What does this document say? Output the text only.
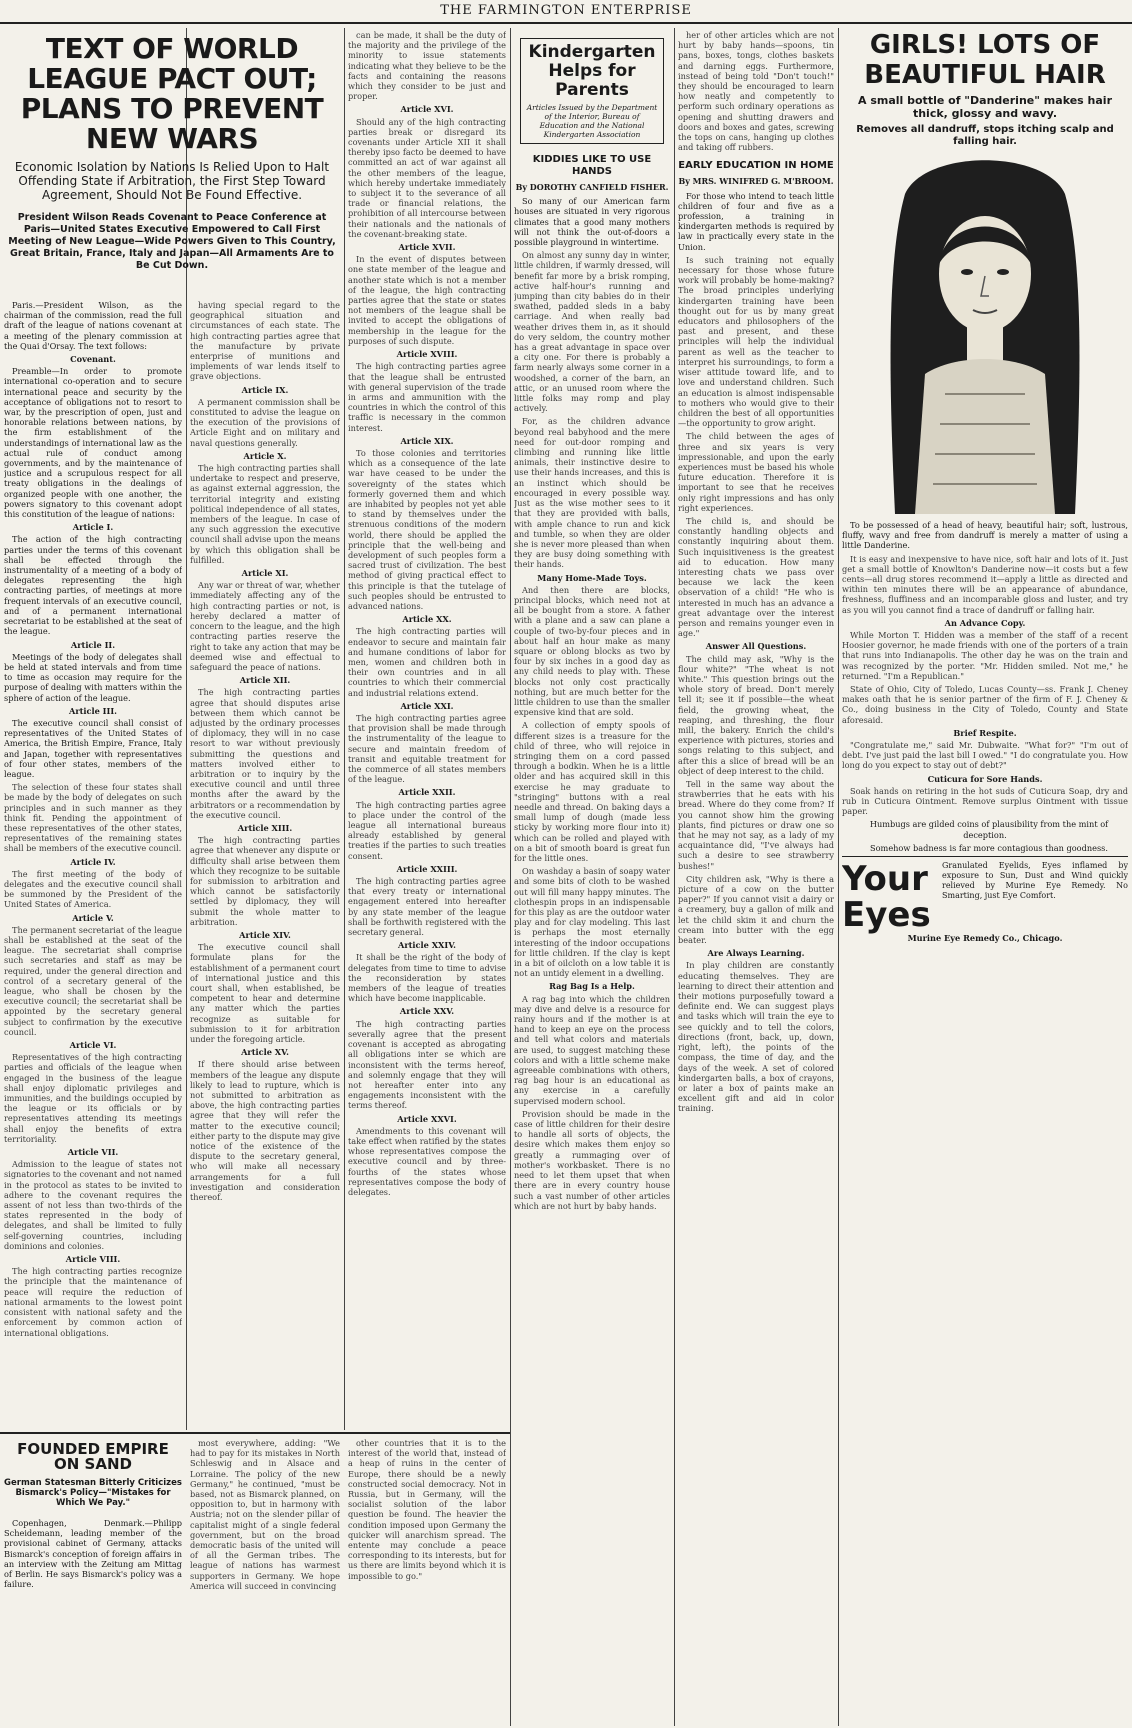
THE FARMINGTON ENTERPRISE
TEXT OF WORLD LEAGUE PACT OUT; PLANS TO PREVENT NEW WARS
Economic Isolation by Nations Is Relied Upon to Halt Offending State if Arbitration, the First Step Toward Agreement, Should Not Be Found Effective.
President Wilson Reads Covenant to Peace Conference at Paris—United States Executive Empowered to Call First Meeting of New League—Wide Powers Given to This Country, Great Britain, France, Italy and Japan—All Armaments Are to Be Cut Down.

Paris.—President Wilson, as the chairman of the commission, read the full draft of the league of nations covenant at a meeting of the plenary commission at the Quai d'Orsay. The text follows:

Covenant.

Preamble—In order to promote international co-operation and to secure international peace and security by the acceptance of obligations not to resort to war, by the prescription of open, just and honorable relations between nations, by the firm establishment of the understandings of international law as the actual rule of conduct among governments, and by the maintenance of justice and a scrupulous respect for all treaty obligations in the dealings of organized people with one another, the powers signatory to this covenant adopt this constitution of the league of nations:

Article I.

The action of the high contracting parties under the terms of this covenant shall be effected through the instrumentality of a meeting of a body of delegates representing the high contracting parties, of meetings at more frequent intervals of an executive council, and of a permanent international secretariat to be established at the seat of the league.

Article II.

Meetings of the body of delegates shall be held at stated intervals and from time to time as occasion may require for the purpose of dealing with matters within the sphere of action of the league.

Article III.

The executive council shall consist of representatives of the United States of America, the British Empire, France, Italy and Japan, together with representatives of four other states, members of the league.

The selection of these four states shall be made by the body of delegates on such principles and in such manner as they think fit. Pending the appointment of these representatives of the other states, representatives of the remaining states shall be members of the executive council.

Article IV.

The first meeting of the body of delegates and the executive council shall be summoned by the President of the United States of America.

Article V.

The permanent secretariat of the league shall be established at the seat of the league. The secretariat shall comprise such secretaries and staff as may be required, under the general direction and control of a secretary general of the league, who shall be chosen by the executive council; the secretariat shall be appointed by the secretary general subject to confirmation by the executive council.

Article VI.

Representatives of the high contracting parties and officials of the league when engaged in the business of the league shall enjoy diplomatic privileges and immunities, and the buildings occupied by the league or its officials or by representatives attending its meetings shall enjoy the benefits of extra territoriality.

Article VII.

Admission to the league of states not signatories to the covenant and not named in the protocol as states to be invited to adhere to the covenant requires the assent of not less than two-thirds of the states represented in the body of delegates, and shall be limited to fully self-governing countries, including dominions and colonies.

Article VIII.

The high contracting parties recognize the principle that the maintenance of peace will require the reduction of national armaments to the lowest point consistent with national safety and the enforcement by common action of international obligations.

having special regard to the geographical situation and circumstances of each state. The high contracting parties agree that the manufacture by private enterprise of munitions and implements of war lends itself to grave objections.

Article IX.

A permanent commission shall be constituted to advise the league on the execution of the provisions of Article Eight and on military and naval questions generally.

Article X.

The high contracting parties shall undertake to respect and preserve, as against external aggression, the territorial integrity and existing political independence of all states, members of the league. In case of any such aggression the executive council shall advise upon the means by which this obligation shall be fulfilled.

Article XI.

Any war or threat of war, whether immediately affecting any of the high contracting parties or not, is hereby declared a matter of concern to the league, and the high contracting parties reserve the right to take any action that may be deemed wise and effectual to safeguard the peace of nations.

Article XII.

The high contracting parties agree that should disputes arise between them which cannot be adjusted by the ordinary processes of diplomacy, they will in no case resort to war without previously submitting the questions and matters involved either to arbitration or to inquiry by the executive council and until three months after the award by the arbitrators or a recommendation by the executive council.

Article XIII.

The high contracting parties agree that whenever any dispute or difficulty shall arise between them which they recognize to be suitable for submission to arbitration and which cannot be satisfactorily settled by diplomacy, they will submit the whole matter to arbitration.

Article XIV.

The executive council shall formulate plans for the establishment of a permanent court of international justice and this court shall, when established, be competent to hear and determine any matter which the parties recognize as suitable for submission to it for arbitration under the foregoing article.

Article XV.

If there should arise between members of the league any dispute likely to lead to rupture, which is not submitted to arbitration as above, the high contracting parties agree that they will refer the matter to the executive council; either party to the dispute may give notice of the existence of the dispute to the secretary general, who will make all necessary arrangements for a full investigation and consideration thereof.

can be made, it shall be the duty of the majority and the privilege of the minority to issue statements indicating what they believe to be the facts and containing the reasons which they consider to be just and proper.

Article XVI.

Should any of the high contracting parties break or disregard its covenants under Article XII it shall thereby ipso facto be deemed to have committed an act of war against all the other members of the league, which hereby undertake immediately to subject it to the severance of all trade or financial relations, the prohibition of all intercourse between their nationals and the nationals of the covenant-breaking state.

Article XVII.

In the event of disputes between one state member of the league and another state which is not a member of the league, the high contracting parties agree that the state or states not members of the league shall be invited to accept the obligations of membership in the league for the purposes of such dispute.

Article XVIII.

The high contracting parties agree that the league shall be entrusted with general supervision of the trade in arms and ammunition with the countries in which the control of this traffic is necessary in the common interest.

Article XIX.

To those colonies and territories which as a consequence of the late war have ceased to be under the sovereignty of the states which formerly governed them and which are inhabited by peoples not yet able to stand by themselves under the strenuous conditions of the modern world, there should be applied the principle that the well-being and development of such peoples form a sacred trust of civilization. The best method of giving practical effect to this principle is that the tutelage of such peoples should be entrusted to advanced nations.

Article XX.

The high contracting parties will endeavor to secure and maintain fair and humane conditions of labor for men, women and children both in their own countries and in all countries to which their commercial and industrial relations extend.

Article XXI.

The high contracting parties agree that provision shall be made through the instrumentality of the league to secure and maintain freedom of transit and equitable treatment for the commerce of all states members of the league.

Article XXII.

The high contracting parties agree to place under the control of the league all international bureaus already established by general treaties if the parties to such treaties consent.

Article XXIII.

The high contracting parties agree that every treaty or international engagement entered into hereafter by any state member of the league shall be forthwith registered with the secretary general.

Article XXIV.

It shall be the right of the body of delegates from time to time to advise the reconsideration by states members of the league of treaties which have become inapplicable.

Article XXV.

The high contracting parties severally agree that the present covenant is accepted as abrogating all obligations inter se which are inconsistent with the terms hereof, and solemnly engage that they will not hereafter enter into any engagements inconsistent with the terms thereof.

Article XXVI.

Amendments to this covenant will take effect when ratified by the states whose representatives compose the executive council and by three-fourths of the states whose representatives compose the body of delegates.

FOUNDED EMPIRE ON SAND
German Statesman Bitterly Criticizes Bismarck's Policy—"Mistakes for Which We Pay."

Copenhagen, Denmark.—Philipp Scheidemann, leading member of the provisional cabinet of Germany, attacks Bismarck's conception of foreign affairs in an interview with the Zeitung am Mittag of Berlin. He says Bismarck's policy was a failure.

most everywhere, adding: "We had to pay for its mistakes in North Schleswig and in Alsace and Lorraine. The policy of the new Germany," he continued, "must be based, not as Bismarck planned, on opposition to, but in harmony with Austria; not on the slender pillar of capitalist might of a single federal government, but on the broad democratic basis of the united will of all the German tribes. The league of nations has warmest supporters in Germany. We hope America will succeed in convincing

other countries that it is to the interest of the world that, instead of a heap of ruins in the center of Europe, there should be a newly constructed social democracy. Not in Russia, but in Germany, will the socialist solution of the labor question be found. The heavier the condition imposed upon Germany the quicker will anarchism spread. The entente may conclude a peace corresponding to its interests, but for us there are limits beyond which it is impossible to go."

Kindergarten Helps for Parents
Articles Issued by the Department of the Interior, Bureau of Education and the National Kindergarten Association
KIDDIES LIKE TO USE HANDS
By DOROTHY CANFIELD FISHER.

So many of our American farm houses are situated in very rigorous climates that a good many mothers will not think the out-of-doors a possible playground in wintertime.

On almost any sunny day in winter, little children, if warmly dressed, will benefit far more by a brisk romping, active half-hour's running and jumping than city babies do in their swathed, padded sleds in a baby carriage. And when really bad weather drives them in, as it should do very seldom, the country mother has a great advantage in space over a city one. For there is probably a farm nearly always some corner in a woodshed, a corner of the barn, an attic, or an unused room where the little folks may romp and play actively.

For, as the children advance beyond real babyhood and the mere need for out-door romping and climbing and running like little animals, their instinctive desire to use their hands increases, and this is an instinct which should be encouraged in every possible way. Just as the wise mother sees to it that they are provided with balls, with ample chance to run and kick and tumble, so when they are older she is never more pleased than when they are busy doing something with their hands.

Many Home-Made Toys.

And then there are blocks, principal blocks, which need not at all be bought from a store. A father with a plane and a saw can plane a couple of two-by-four pieces and in about half an hour make as many square or oblong blocks as two by four by six inches in a good day as any child needs to play with. These blocks not only cost practically nothing, but are much better for the little children to use than the smaller expensive kind that are sold.

A collection of empty spools of different sizes is a treasure for the child of three, who will rejoice in stringing them on a cord passed through a bodkin. When he is a little older and has acquired skill in this exercise he may graduate to "stringing" buttons with a real needle and thread. On baking days a small lump of dough (made less sticky by working more flour into it) which can be rolled and played with on a bit of smooth board is great fun for the little ones.

On washday a basin of soapy water and some bits of cloth to be washed out will fill many happy minutes. The clothespin props in an indispensable for this play as are the outdoor water play and for clay modeling. This last is perhaps the most eternally interesting of the indoor occupations for little children. If the clay is kept in a bit of oilcloth on a low table it is not an untidy element in a dwelling.

Rag Bag Is a Help.

A rag bag into which the children may dive and delve is a resource for rainy hours and if the mother is at hand to keep an eye on the process and tell what colors and materials are used, to suggest matching these colors and with a little scheme make agreeable combinations with others, rag bag hour is an educational as any exercise in a carefully supervised modern school.

Provision should be made in the case of little children for their desire to handle all sorts of objects, the desire which makes them enjoy so greatly a rummaging over of mother's workbasket. There is no need to let them upset that when there are in every country house such a vast number of other articles which are not hurt by baby hands.

her of other articles which are not hurt by baby hands—spoons, tin pans, boxes, tongs, clothes baskets and darning eggs. Furthermore, instead of being told "Don't touch!" they should be encouraged to learn how neatly and competently to perform such ordinary operations as opening and shutting drawers and doors and boxes and gates, screwing the tops on cans, hanging up clothes and taking off rubbers.

EARLY EDUCATION IN HOME
By MRS. WINIFRED G. M'BROOM.

For those who intend to teach little children of four and five as a profession, a training in kindergarten methods is required by law in practically every state in the Union.

Is such training not equally necessary for those whose future work will probably be home-making? The broad principles underlying kindergarten training have been thought out for us by many great educators and philosophers of the past and present, and these principles will help the individual parent as well as the teacher to interpret his surroundings, to form a wiser attitude toward life, and to love and understand children. Such an education is almost indispensable to mothers who would give to their children the best of all opportunities—the opportunity to grow aright.

The child between the ages of three and six years is very impressionable, and upon the early experiences must be based his whole future education. Therefore it is important to see that he receives only right impressions and has only right experiences.

The child is, and should be constantly handling objects and constantly inquiring about them. Such inquisitiveness is the greatest aid to education. How many interesting chats we pass over because we lack the keen observation of a child! "He who is interested in much has an advance a great advantage over the interest person and remains younger even in age."

Answer All Questions.

The child may ask, "Why is the flour white?" "The wheat is not white." This question brings out the whole story of bread. Don't merely tell it; see it if possible—the wheat field, the growing wheat, the reaping, and threshing, the flour mill, the bakery. Enrich the child's experience with pictures, stories and songs relating to this subject, and after this a slice of bread will be an object of deep interest to the child.

Tell in the same way about the strawberries that he eats with his bread. Where do they come from? If you cannot show him the growing plants, find pictures or draw one so that he may not say, as a lady of my acquaintance did, "I've always had such a desire to see strawberry bushes!"

City children ask, "Why is there a picture of a cow on the butter paper?" If you cannot visit a dairy or a creamery, buy a gallon of milk and let the child skim it and churn the cream into butter with the egg beater.

Are Always Learning.

In play children are constantly educating themselves. They are learning to direct their attention and their motions purposefully toward a definite end. We can suggest plays and tasks which will train the eye to see quickly and to tell the colors, directions (front, back, up, down, right, left), the points of the compass, the time of day, and the days of the week. A set of colored kindergarten balls, a box of crayons, or later a box of paints make an excellent gift and aid in color training.

GIRLS! LOTS OF BEAUTIFUL HAIR
A small bottle of "Danderine" makes hair thick, glossy and wavy.
Removes all dandruff, stops itching scalp and falling hair.

To be possessed of a head of heavy, beautiful hair; soft, lustrous, fluffy, wavy and free from dandruff is merely a matter of using a little Danderine.

It is easy and inexpensive to have nice, soft hair and lots of it. Just get a small bottle of Knowlton's Danderine now—it costs but a few cents—all drug stores recommend it—apply a little as directed and within ten minutes there will be an appearance of abundance, freshness, fluffiness and an incomparable gloss and luster, and try as you will you cannot find a trace of dandruff or falling hair.

An Advance Copy.

While Morton T. Hidden was a member of the staff of a recent Hoosier governor, he made friends with one of the porters of a train that runs into Indianapolis. The other day he was on the train and was recognized by the porter. "Mr. Hidden smiled. Not me," he returned. "I'm a Republican."

State of Ohio, City of Toledo, Lucas County—ss. Frank J. Cheney makes oath that he is senior partner of the firm of F. J. Cheney & Co., doing business in the City of Toledo, County and State aforesaid.

Brief Respite.

"Congratulate me," said Mr. Dubwaite. "What for?" "I'm out of debt. I've just paid the last bill I owed." "I do congratulate you. How long do you expect to stay out of debt?"

Cuticura for Sore Hands.

Soak hands on retiring in the hot suds of Cuticura Soap, dry and rub in Cuticura Ointment. Remove surplus Ointment with tissue paper.

Humbugs are gilded coins of plausibility from the mint of deception.

Somehow badness is far more contagious than goodness.

Your Eyes
Granulated Eyelids, Eyes inflamed by exposure to Sun, Dust and Wind quickly relieved by Murine Eye Remedy. No Smarting, just Eye Comfort.
Murine Eye Remedy Co., Chicago.
